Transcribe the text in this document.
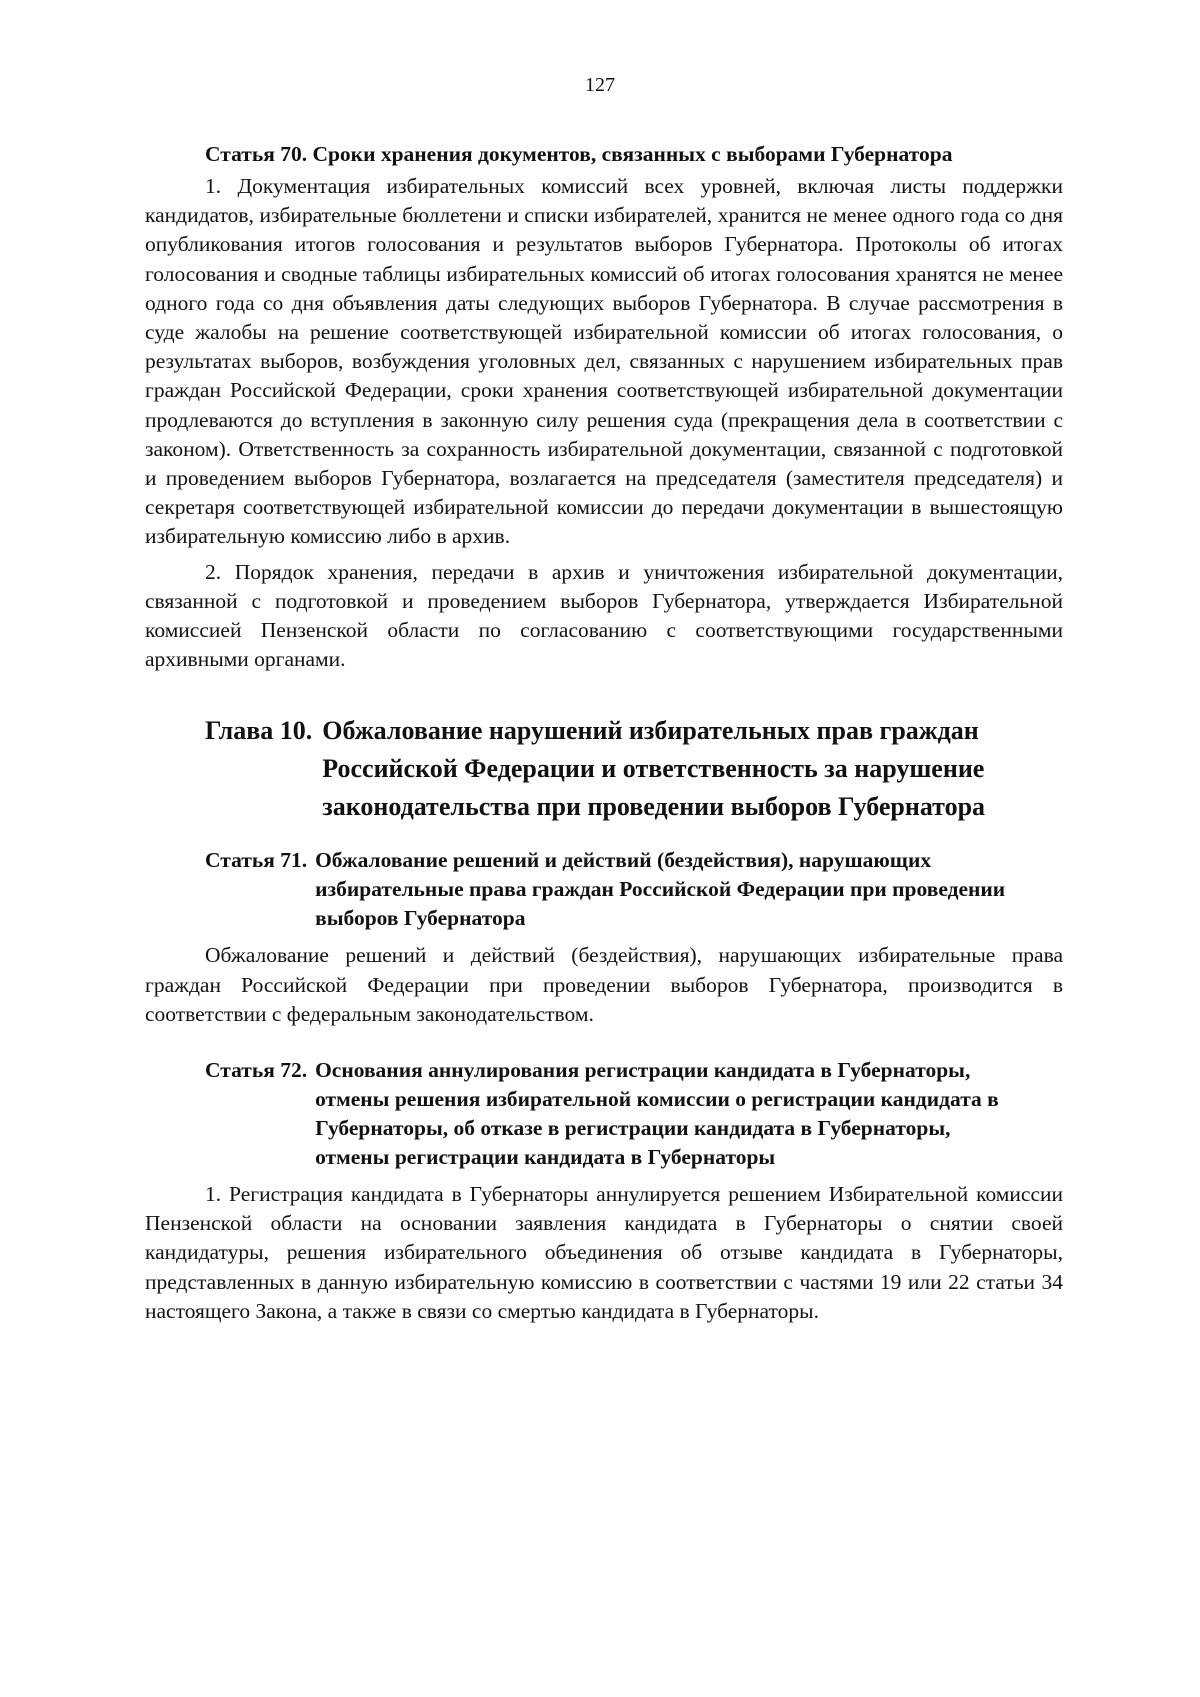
127

Статья 70. Сроки хранения документов, связанных с выборами Губернатора

1. Документация избирательных комиссий всех уровней, включая листы поддержки кандидатов, избирательные бюллетени и списки избирателей, хранится не менее одного года со дня опубликования итогов голосования и результатов выборов Губернатора. Протоколы об итогах голосования и сводные таблицы избирательных комиссий об итогах голосования хранятся не менее одного года со дня объявления даты следующих выборов Губернатора. В случае рассмотрения в суде жалобы на решение соответствующей избирательной комиссии об итогах голосования, о результатах выборов, возбуждения уголовных дел, связанных с нарушением избирательных прав граждан Российской Федерации, сроки хранения соответствующей избирательной документации продлеваются до вступления в законную силу решения суда (прекращения дела в соответствии с законом). Ответственность за сохранность избирательной документации, связанной с подготовкой и проведением выборов Губернатора, возлагается на председателя (заместителя председателя) и секретаря соответствующей избирательной комиссии до передачи документации в вышестоящую избирательную комиссию либо в архив.

2. Порядок хранения, передачи в архив и уничтожения избирательной документации, связанной с подготовкой и проведением выборов Губернатора, утверждается Избирательной комиссией Пензенской области по согласованию с соответствующими государственными архивными органами.

Глава 10. Обжалование нарушений избирательных прав граждан Российской Федерации и ответственность за нарушение законодательства при проведении выборов Губернатора
Статья 71. Обжалование решений и действий (бездействия), нарушающих избирательные права граждан Российской Федерации при проведении выборов Губернатора

Обжалование решений и действий (бездействия), нарушающих избирательные права граждан Российской Федерации при проведении выборов Губернатора, производится в соответствии с федеральным законодательством.

Статья 72. Основания аннулирования регистрации кандидата в Губернаторы, отмены решения избирательной комиссии о регистрации кандидата в Губернаторы, об отказе в регистрации кандидата в Губернаторы, отмены регистрации кандидата в Губернаторы

1. Регистрация кандидата в Губернаторы аннулируется решением Избирательной комиссии Пензенской области на основании заявления кандидата в Губернаторы о снятии своей кандидатуры, решения избирательного объединения об отзыве кандидата в Губернаторы, представленных в данную избирательную комиссию в соответствии с частями 19 или 22 статьи 34 настоящего Закона, а также в связи со смертью кандидата в Губернаторы.
